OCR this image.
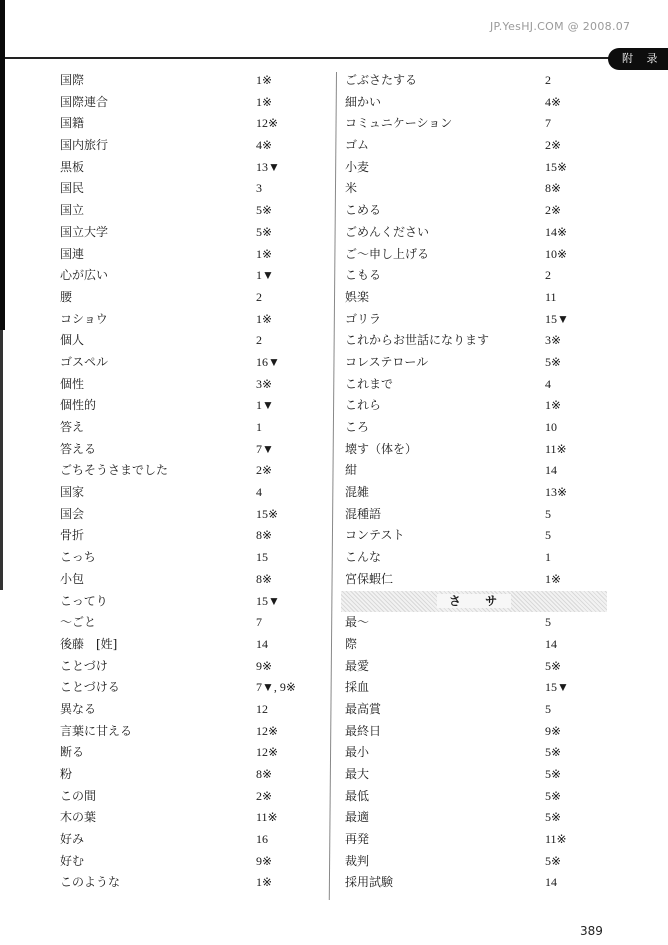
JP.YesHJ.COM @ 2008.07
附 录
国際	1※
国際連合	1※
国籍	12※
国内旅行	4※
黒板	13▼
国民	3
国立	5※
国立大学	5※
国連	1※
心が広い	1▼
腰	2
コショウ	1※
個人	2
ゴスペル	16▼
個性	3※
個性的	1▼
答え	1
答える	7▼
ごちそうさまでした	2※
国家	4
国会	15※
骨折	8※
こっち	15
小包	8※
こってり	15▼
～ごと	7
後藤　[姓]	14
ことづけ	9※
ことづける	7▼, 9※
異なる	12
言葉に甘える	12※
断る	12※
粉	8※
この間	2※
木の葉	11※
好み	16
好む	9※
このような	1※
ごぶさたする	2
細かい	4※
コミュニケーション	7
ゴム	2※
小麦	15※
米	8※
こめる	2※
ごめんください	14※
ご～申し上げる	10※
こもる	2
娯楽	11
ゴリラ	15▼
これからお世話になります	3※
コレステロール	5※
これまで	4
これら	1※
ころ	10
壊す（体を）	11※
紺	14
混雑	13※
混種語	5
コンテスト	5
こんな	1
宮保蝦仁	1※
さ サ
最～	5
際	14
最愛	5※
採血	15▼
最高賞	5
最終日	9※
最小	5※
最大	5※
最低	5※
最適	5※
再発	11※
裁判	5※
採用試験	14
389
